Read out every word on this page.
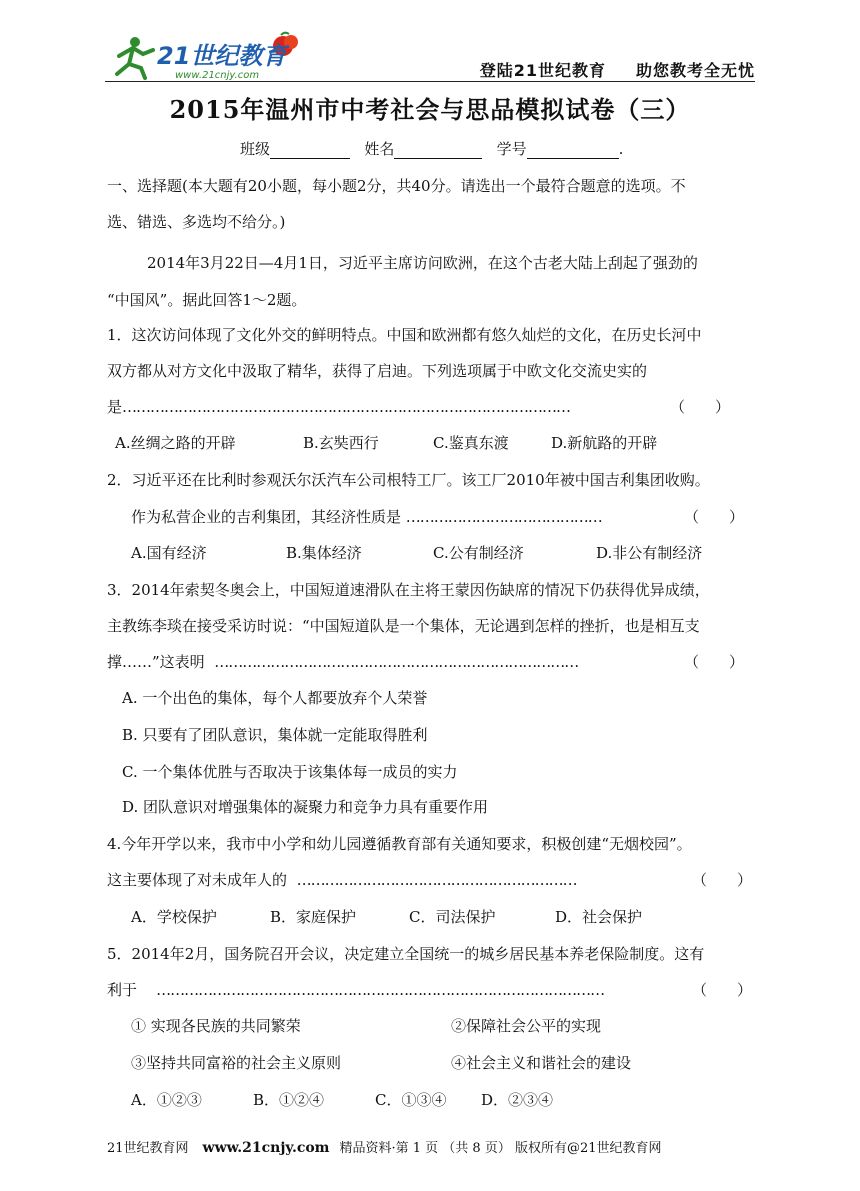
21世纪教育
www.21cnjy.com	登陆21世纪教育 助您教考全无忧
2015年温州市中考社会与思品模拟试卷（三）
班级	姓名	学号	.
一、选择题(本大题有20小题，每小题2分，共40分。请选出一个最符合题意的选项。不
选、错选、多选均不给分。)
2014年3月22日—4月1日，习近平主席访问欧洲，在这个古老大陆上刮起了强劲的
“中国风”。据此回答1～2题。
1．这次访问体现了文化外交的鲜明特点。中国和欧洲都有悠久灿烂的文化，在历史长河中
双方都从对方文化中汲取了精华，获得了启迪。下列选项属于中欧文化交流史实的
是……………………………………………………………………………………	（　　）
A.丝绸之路的开辟	B.玄奘西行	C.鉴真东渡	D.新航路的开辟
2．习近平还在比利时参观沃尔沃汽车公司根特工厂。该工厂2010年被中国吉利集团收购。
作为私营企业的吉利集团，其经济性质是 ……………………………………	（　　）
A.国有经济	B.集体经济	C.公有制经济	D.非公有制经济
3．2014年索契冬奥会上，中国短道速滑队在主将王蒙因伤缺席的情况下仍获得优异成绩，
主教练李琰在接受采访时说：“中国短道队是一个集体，无论遇到怎样的挫折，也是相互支
撑……”这表明 ……………………………………………………………………	（　　）
A. 一个出色的集体，每个人都要放弃个人荣誉
B. 只要有了团队意识，集体就一定能取得胜利
C. 一个集体优胜与否取决于该集体每一成员的实力
D. 团队意识对增强集体的凝聚力和竞争力具有重要作用
4.今年开学以来，我市中小学和幼儿园遵循教育部有关通知要求，积极创建“无烟校园”。
这主要体现了对未成年人的 ……………………………………………………	（　　）
A．学校保护	B．家庭保护	C．司法保护	D．社会保护
5．2014年2月，国务院召开会议，决定建立全国统一的城乡居民基本养老保险制度。这有
利于 ……………………………………………………………………………………	（　　）
① 实现各民族的共同繁荣	②保障社会公平的实现
③坚持共同富裕的社会主义原则	④社会主义和谐社会的建设
A．①②③	B．①②④	C．①③④	D．②③④
21世纪教育网 www.21cnjy.com 精品资料·第 1 页 （共 8 页） 版权所有@21世纪教育网
